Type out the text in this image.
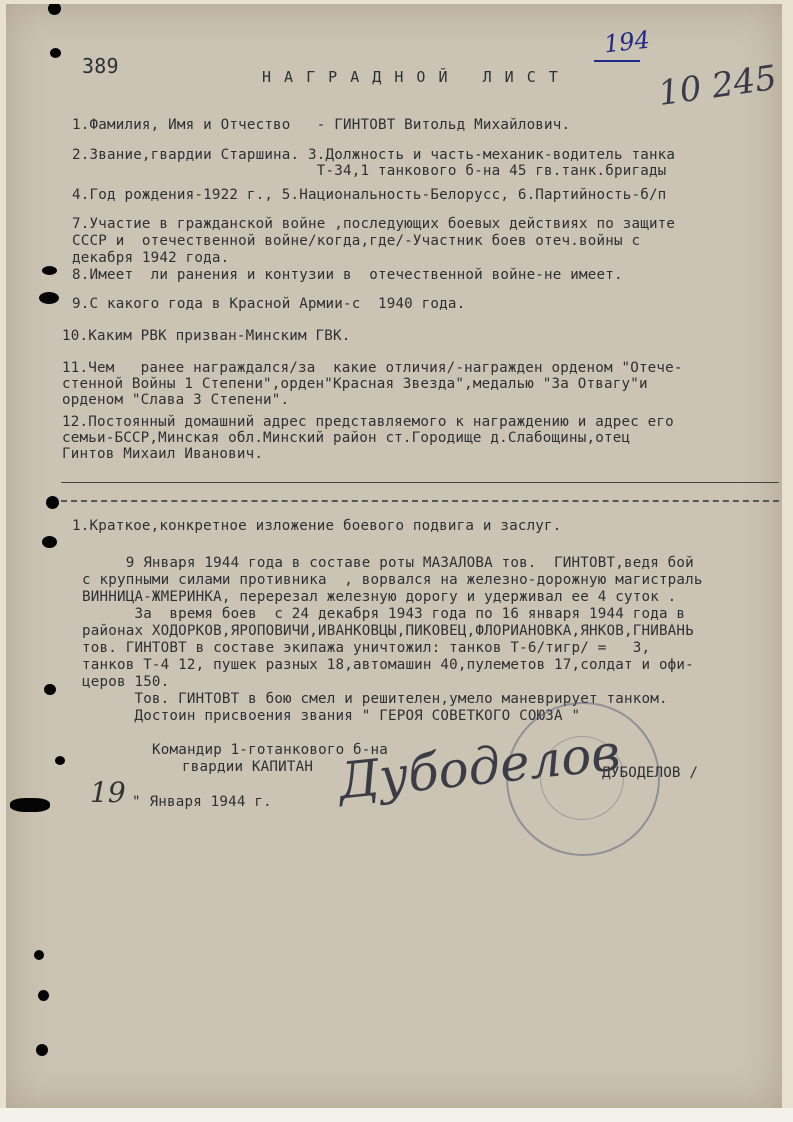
389	Н А Г Р А Д Н О Й   Л И С Т
194
10 245
1.Фамилия, Имя и Отчество   - ГИНТОВТ Витольд Михайлович.
2.Звание,гвардии Старшина. 3.Должность и часть-механик-водитель танка
Т-34,1 танкового б-на 45 гв.танк.бригады
4.Год рождения-1922 г., 5.Национальность-Белорусс, 6.Партийность-б/п
7.Участие в гражданской войне ,последующих боевых действиях по защите
СССР и  отечественной войне/когда,где/-Участник боев отеч.войны с
декабря 1942 года.
8.Имеет  ли ранения и контузии в  отечественной войне-не имеет.
9.С какого года в Красной Армии-с  1940 года.
10.Каким РВК призван-Минским ГВК.
11.Чем   ранее награждался/за  какие отличия/-награжден орденом "Отече-
стенной Войны 1 Степени",орден"Красная Звезда",медалью "За Отвагу"и
орденом "Слава 3 Степени".
12.Постоянный домашний адрес представляемого к награждению и адрес его
семьи-БССР,Минская обл.Минский район ст.Городище д.Слабощины,отец
Гинтов Михаил Иванович.
1.Краткое,конкретное изложение боевого подвига и заслуг.
9 Января 1944 года в составе роты МАЗАЛОВА тов.  ГИНТОВТ,ведя бой
с крупными силами противника  , ворвался на железно-дорожную магистраль
ВИННИЦА-ЖМЕРИНКА, перерезал железную дорогу и удерживал ее 4 суток .
За  время боев  с 24 декабря 1943 года по 16 января 1944 года в
районах ХОДОРКОВ,ЯРОПОВИЧИ,ИВАНКОВЦЫ,ПИКОВЕЦ,ФЛОРИАНОВКА,ЯНКОВ,ГНИВАНЬ
тов. ГИНТОВТ в составе экипажа уничтожил: танков Т-6/тигр/ =   3,
танков Т-4 12, пушек разных 18,автомашин 40,пулеметов 17,солдат и офи-
церов 150.
Тов. ГИНТОВТ в бою смел и решителен,умело маневрирует танком.
Достоин присвоения звания " ГЕРОЯ СОВЕТКОГО СОЮЗА "
Командир 1-готанкового б-на
гвардии КАПИТАН	ДУБОДЕЛОВ /
Дубоделов
19 " Января 1944 г.
